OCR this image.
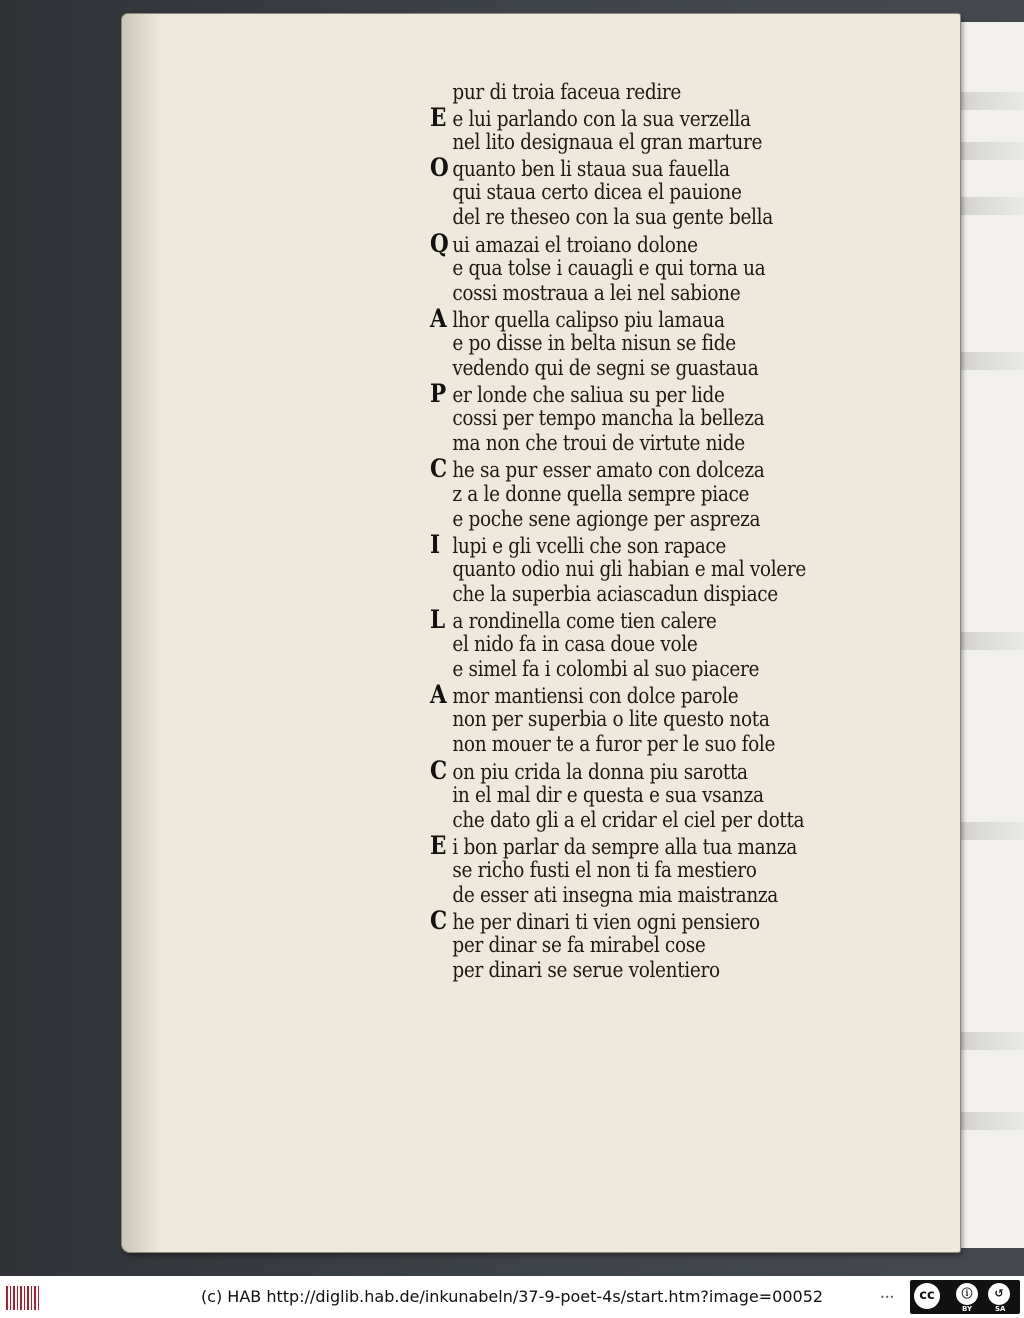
pur di troia faceua redire
E e lui parlando con la sua verzella
nel lito designaua el gran marture
O quanto ben li staua sua fauella
qui staua certo dicea el pauione
del re theseo con la sua gente bella
Q ui amazai el troiano dolone
e qua tolse i cauagli e qui torna ua
cossi mostraua a lei nel sabione
A lhor quella calipso piu lamaua
e po disse in belta nisun se fide
vedendo qui de segni se guastaua
P er londe che saliua su per lide
cossi per tempo mancha la belleza
ma non che troui de virtute nide
C he sa pur esser amato con dolceza
z a le donne quella sempre piace
e poche sene agionge per aspreza
I lupi e gli vcelli che son rapace
quanto odio nui gli habian e mal volere
che la superbia aciascadun dispiace
L a rondinella come tien calere
el nido fa in casa doue vole
e simel fa i colombi al suo piacere
A mor mantiensi con dolce parole
non per superbia o lite questo nota
non mouer te a furor per le suo fole
C on piu crida la donna piu sarotta
in el mal dir e questa e sua vsanza
che dato gli a el cridar el ciel per dotta
E i bon parlar da sempre alla tua manza
se richo fusti el non ti fa mestiero
de esser ati insegna mia maistranza
C he per dinari ti vien ogni pensiero
per dinar se fa mirabel cose
per dinari se serue volentiero
(c) HAB http://diglib.hab.de/inkunabeln/37-9-poet-4s/start.htm?image=00052	•••	cc	ⓘ	↺
BY	SA
